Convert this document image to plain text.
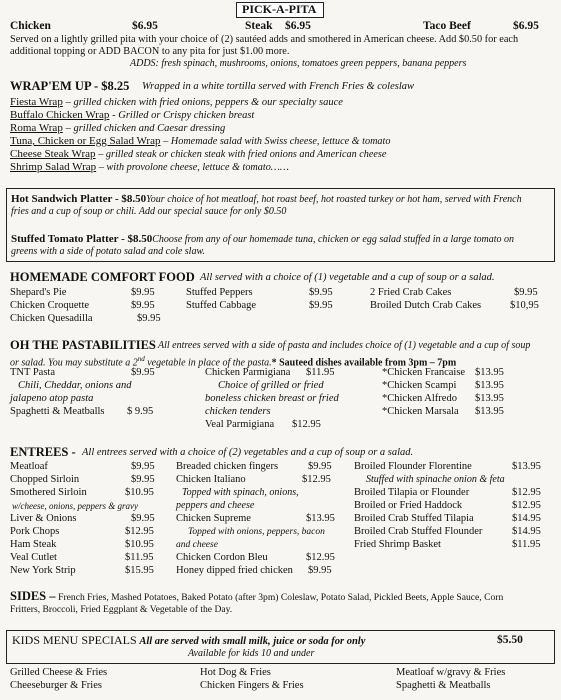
PICK-A-PITA
Chicken	$6.95	Steak $6.95	Taco Beef	$6.95
Served on a lightly grilled pita with your choice of (2) sautéed adds and smothered in American cheese. Add $0.50 for each
additional topping or ADD BACON to any pita for just $1.00 more.
ADDS: fresh spinach, mushrooms, onions, tomatoes green peppers, banana peppers
WRAP'EM UP - $8.25 Wrapped in a white tortilla served with French Fries & coleslaw
Fiesta Wrap – grilled chicken with fried onions, peppers & our specialty sauce
Buffalo Chicken Wrap - Grilled or Crispy chicken breast
Roma Wrap – grilled chicken and Caesar dressing
Tuna, Chicken or Egg Salad Wrap – Homemade salad with Swiss cheese, lettuce & tomato
Cheese Steak Wrap – grilled steak or chicken steak with fried onions and American cheese
Shrimp Salad Wrap – with provolone cheese, lettuce & tomato……
Hot Sandwich Platter - $8.50Your choice of hot meatloaf, hot roast beef, hot roasted turkey or hot ham, served with French
fries and a cup of soup or chili. Add our special sauce for only $0.50
Stuffed Tomato Platter - $8.50Choose from any of our homemade tuna, chicken or egg salad stuffed in a large tomato on
greens with a side of potato salad and cole slaw.
HOMEMADE COMFORT FOOD All served with a choice of (1) vegetable and a cup of soup or a salad.
Shepard's Pie	$9.95	Stuffed Peppers	$9.95	2 Fried Crab Cakes	$9.95
Chicken Croquette	$9.95	Stuffed Cabbage	$9.95	Broiled Dutch Crab Cakes	$10,95
Chicken Quesadilla	$9.95
OH THE PASTABILITIES All entrees served with a side of pasta and includes choice of (1) vegetable and a cup of soup
or salad. You may substitute a 2nd vegetable in place of the pasta.* Sauteed dishes available from 3pm – 7pm
TNT Pasta	$9.95
Chili, Cheddar, onions and
jalapeno atop pasta
Spaghetti & Meatballs $ 9.95
Chicken Parmigiana $11.95
Choice of grilled or fried
boneless chicken breast or fried
chicken tenders
Veal Parmigiana $12.95
*Chicken Francaise $13.95
*Chicken Scampi $13.95
*Chicken Alfredo $13.95
*Chicken Marsala $13.95
ENTREES - All entrees served with a choice of (2) vegetables and a cup of soup or a salad.
Meatloaf	$9.95
Chopped Sirloin	$9.95
Smothered Sirloin	$10.95
w/cheese, onions, peppers & gravy
Liver & Onions	$9.95
Pork Chops	$12.95
Ham Steak	$10.95
Veal Cutlet	$11.95
New York Strip	$15.95
Breaded chicken fingers	$9.95
Chicken Italiano	$12.95
Topped with spinach, onions,
peppers and cheese
Chicken Supreme	$13.95
Topped with onions, peppers, bacon
and cheese
Chicken Cordon Bleu	$12.95
Honey dipped fried chicken $9.95
Broiled Flounder Florentine	$13.95
Stuffed with spinache onion & feta
Broiled Tilapia or Flounder	$12.95
Broiled or Fried Haddock	$12.95
Broiled Crab Stuffed Tilapia	$14.95
Broiled Crab Stuffed Flounder	$14.95
Fried Shrimp Basket	$11.95
SIDES – French Fries, Mashed Potatoes, Baked Potato (after 3pm) Coleslaw, Potato Salad, Pickled Beets, Apple Sauce, Corn
Fritters, Broccoli, Fried Eggplant & Vegetable of the Day.
KIDS MENU SPECIALS All are served with small milk, juice or soda for only	$5.50
Available for kids 10 and under
Grilled Cheese & Fries	Hot Dog & Fries	Meatloaf w/gravy & Fries
Cheeseburger & Fries	Chicken Fingers & Fries	Spaghetti & Meatballs
